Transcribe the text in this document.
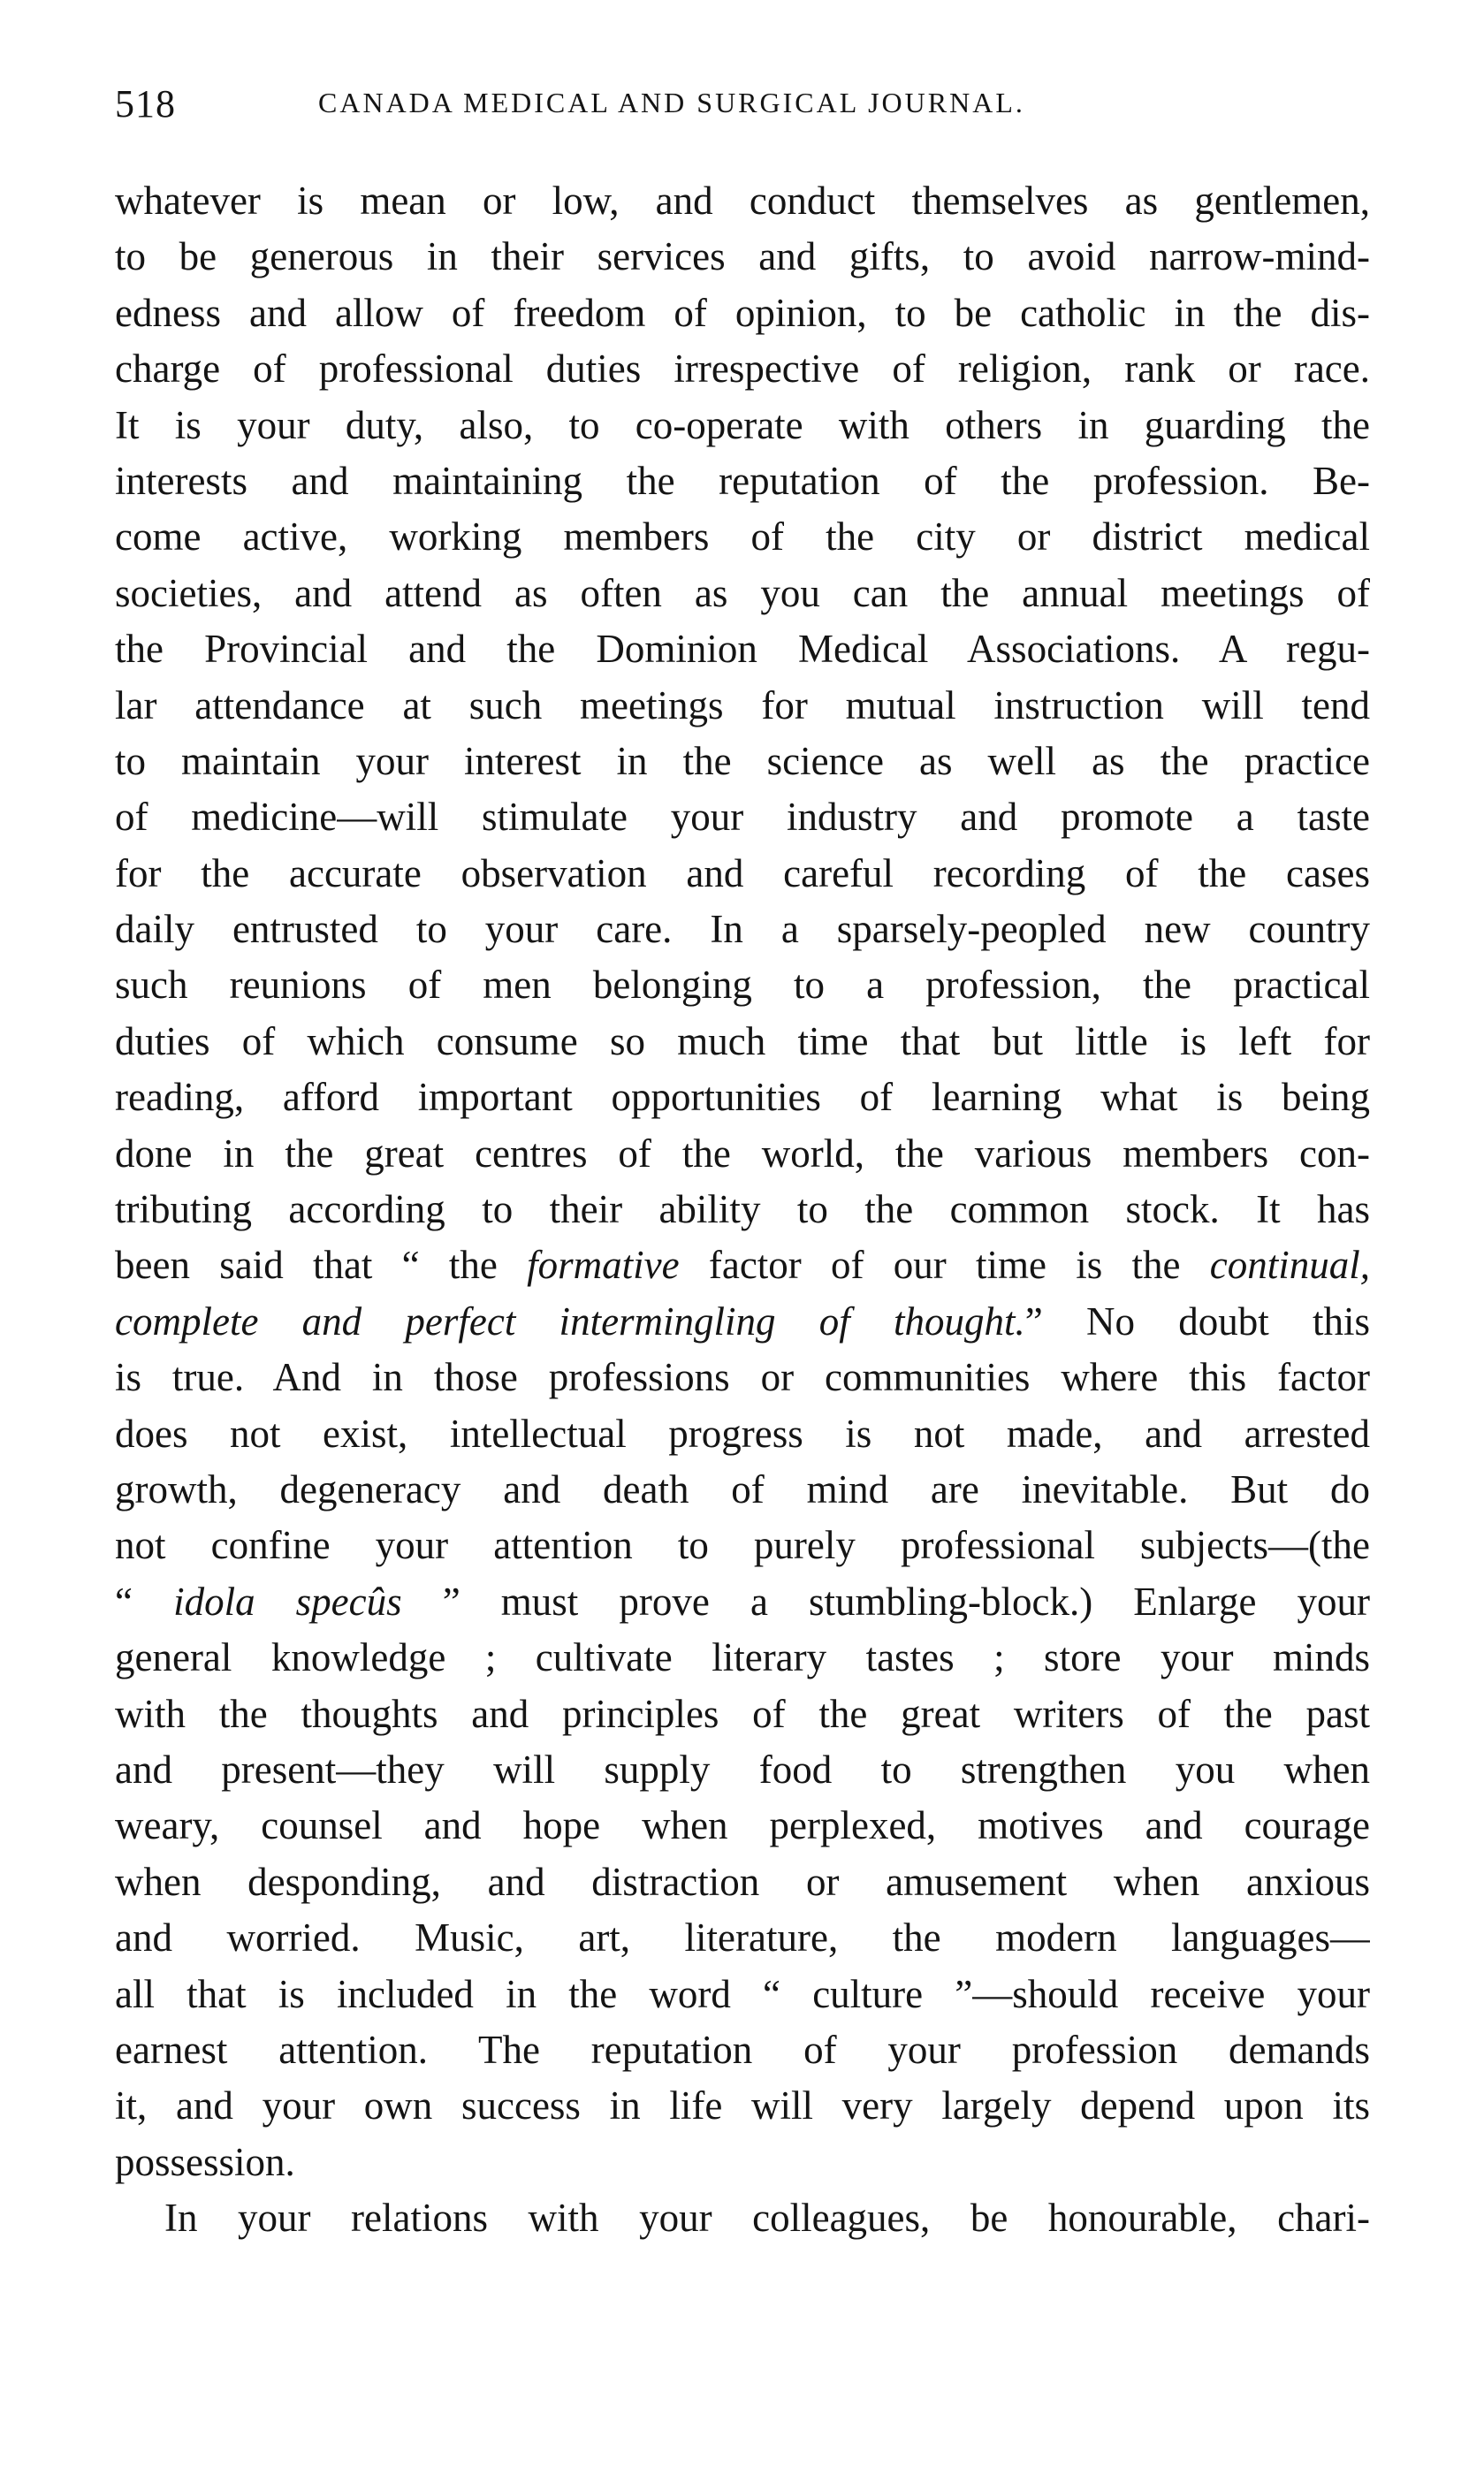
518	CANADA MEDICAL AND SURGICAL JOURNAL.
whatever is mean or low, and conduct themselves as gentlemen,
to be generous in their services and gifts, to avoid narrow-mind-
edness and allow of freedom of opinion, to be catholic in the dis-
charge of professional duties irrespective of religion, rank or race.
It is your duty, also, to co-operate with others in guarding the
interests and maintaining the reputation of the profession. Be-
come active, working members of the city or district medical
societies, and attend as often as you can the annual meetings of
the Provincial and the Dominion Medical Associations. A regu-
lar attendance at such meetings for mutual instruction will tend
to maintain your interest in the science as well as the practice
of medicine—will stimulate your industry and promote a taste
for the accurate observation and careful recording of the cases
daily entrusted to your care. In a sparsely-peopled new country
such reunions of men belonging to a profession, the practical
duties of which consume so much time that but little is left for
reading, afford important opportunities of learning what is being
done in the great centres of the world, the various members con-
tributing according to their ability to the common stock. It has
been said that “ the formative factor of our time is the continual,
complete and perfect intermingling of thought.” No doubt this
is true. And in those professions or communities where this factor
does not exist, intellectual progress is not made, and arrested
growth, degeneracy and death of mind are inevitable. But do
not confine your attention to purely professional subjects—(the
“ idola specûs ” must prove a stumbling-block.) Enlarge your
general knowledge ; cultivate literary tastes ; store your minds
with the thoughts and principles of the great writers of the past
and present—they will supply food to strengthen you when
weary, counsel and hope when perplexed, motives and courage
when desponding, and distraction or amusement when anxious
and worried. Music, art, literature, the modern languages—
all that is included in the word “ culture ”—should receive your
earnest attention. The reputation of your profession demands
it, and your own success in life will very largely depend upon its
possession.
In your relations with your colleagues, be honourable, chari-
